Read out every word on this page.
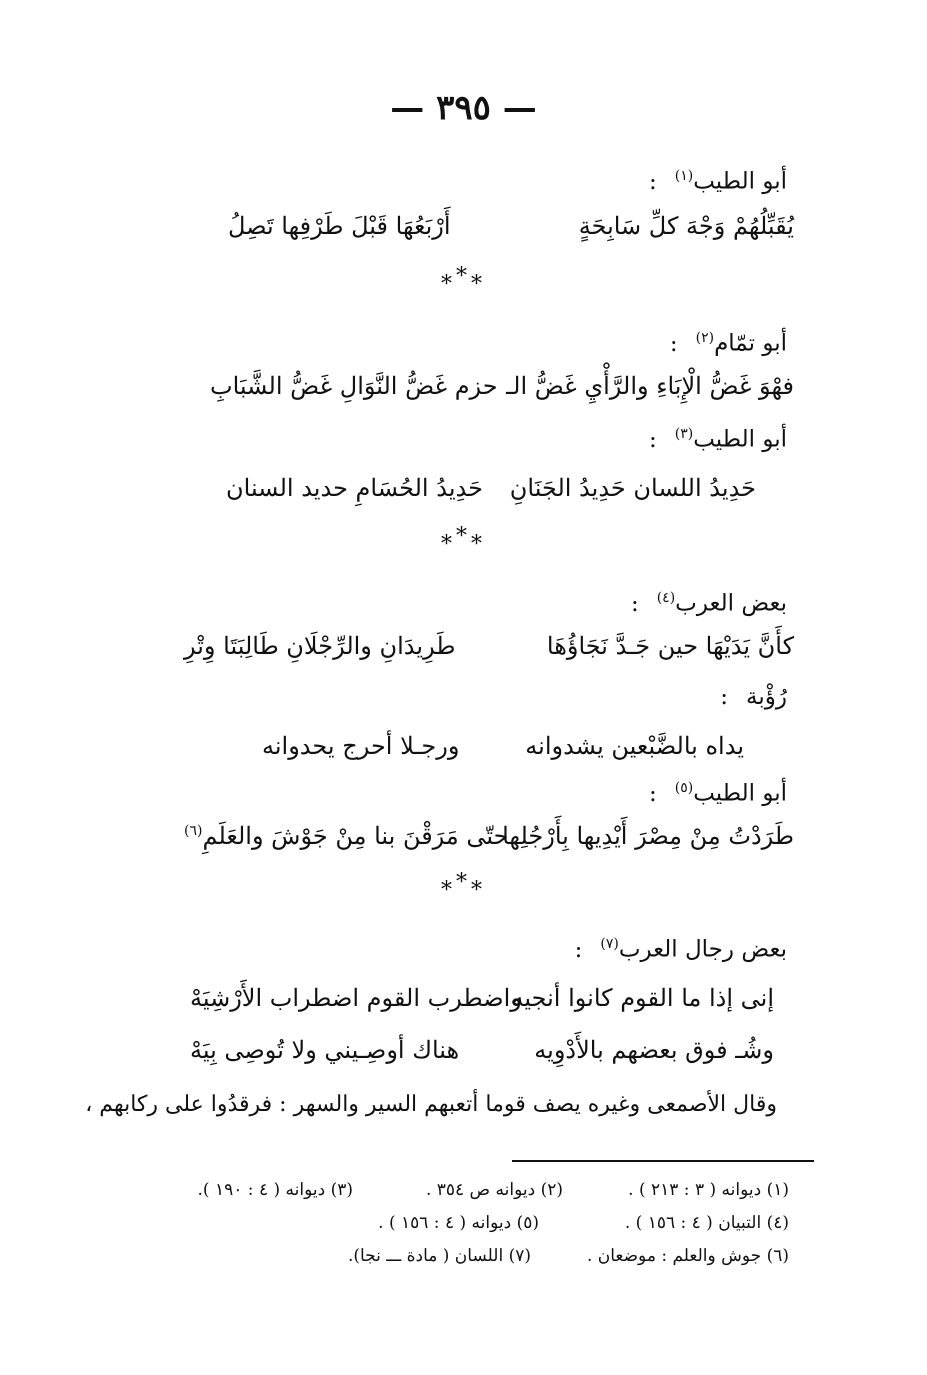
— ٣٩٥ —
أبو الطيب$^{(١)}$:
يُقَبِّلُهُمْ وَجْهَ كلِّ سَابِحَةٍ
أَرْبَعُهَا قَبْلَ طَرْفِها تَصِلُ
***
أبو تمّام$^{(٢)}$:
فهْوَ غَضُّ الْإِبَاءِ والرَّأْيِ غَضُّ الـ
حزم غَضُّ النَّوَالِ غَضُّ الشَّبَابِ
أبو الطيب$^{(٣)}$:
حَدِيدُ اللسان حَدِيدُ الجَنَانِ
حَدِيدُ الحُسَامِ حديد السنان
***
بعض العرب$^{(٤)}$:
كأَنَّ يَدَيْهَا حين جَـدَّ نَجَاؤُهَا
طَرِيدَانِ والرِّجْلَانِ طَالِبَتَا وِتْرِ
رُؤْبة:
يداه بالضَّبْعين يشدوانه
ورجـلا أحرج يحدوانه
أبو الطيب$^{(٥)}$:
طَرَدْتُ مِنْ مِصْرَ أَيْدِيها بِأَرْجُلِها
حتّى مَرَقْنَ بنا مِنْ جَوْشَ والعَلَمِ$^{(٦)}$
***
بعض رجال العرب$^{(٧)}$:
إنى إذا ما القوم كانوا أنجيه
واضطرب القوم اضطراب الأَرْشِيَهْ
وشُـ فوق بعضهم بالأَدْوِيه
هناك أوصِـيني ولا تُوصِى بِيَهْ
وقال الأصمعى وغيره يصف قوما أتعبهم السير والسهر : فرقدُوا على ركابهم ،
(١) ديوانه ( ٣ : ٢١٣ ) .
(٢) ديوانه ص ٣٥٤ .
(٣) ديوانه ( ٤ : ١٩٠ ).
(٤) التبيان ( ٤ : ١٥٦ ) .
(٥) ديوانه ( ٤ : ١٥٦ ) .
(٦) جوش والعلم : موضعان .
(٧) اللسان ( مادة ـــ نجا).
